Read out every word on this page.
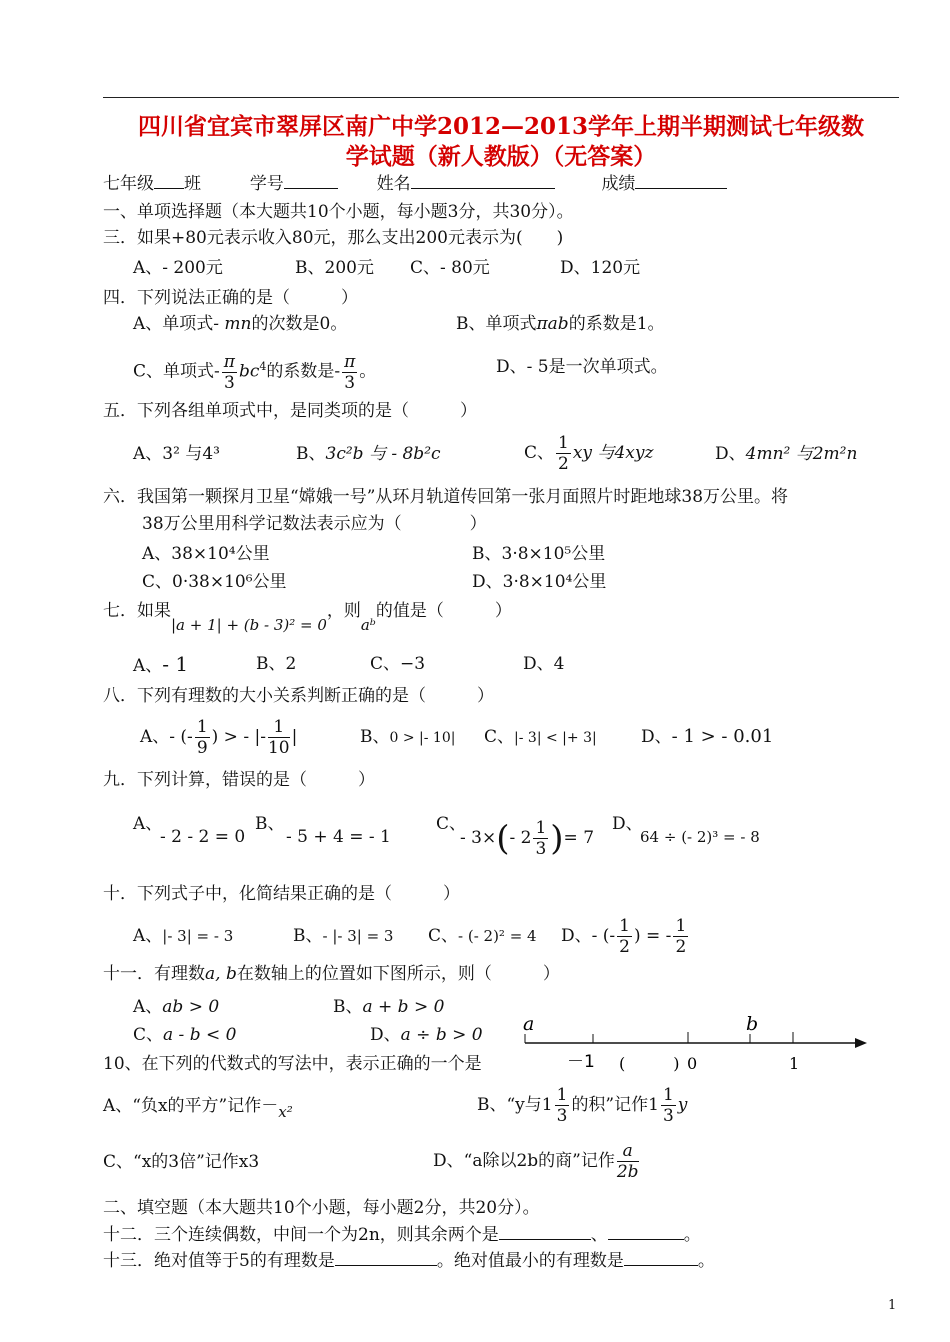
四川省宜宾市翠屏区南广中学2012—2013学年上期半期测试七年级数
学试题（新人教版）（无答案）
七年级 班	学号	姓名	成绩
一、单项选择题（本大题共10个小题，每小题3分，共30分）。
三．如果+80元表示收入80元，那么支出200元表示为(　　)
A、- 200元	B、200元 C、- 80元	D、120元
四．下列说法正确的是（　　　）
A、单项式- mn的次数是0。	B、单项式πab的系数是1。
C、单项式- $\frac{\pi}{3} bc^4$的系数是- $\frac{\pi}{3}$ 。	D、- 5是一次单项式。
五．下列各组单项式中，是同类项的是（　　　）
A、3² 与4³	B、3c²b 与 - 8b²c	C、 $\frac{1}{2}$ xy 与4xyz	D、4mn² 与2m²n
六．我国第一颗探月卫星“嫦娥一号”从环月轨道传回第一张月面照片时距地球38万公里。将
38万公里用科学记数法表示应为（　　　　）
A、38×10⁴公里	B、3·8×10⁵公里
C、0·38×10⁶公里	D、3·8×10⁴公里
七．如果|a + 1| + (b - 3)² = 0，则aᵇ的值是（　　　）
A、- 1	B、2	C、−3	D、4
八．下列有理数的大小关系判断正确的是（　　　）
A、- (- $\frac{1}{9}$ ) > - |- $\frac{1}{10}$ |	B、0 > |- 10| C、|- 3| < |+ 3|	D、- 1 > - 0.01
九．下列计算，错误的是（　　　）
A、
- 2 - 2 = 0
B、
- 5 + 4 = - 1
C、
- 3×(- $2 \frac{1}{3}$ )= 7
D、
64 ÷ (- 2)³ = - 8
十．下列式子中，化简结果正确的是（　　　）
A、|- 3| = - 3	B、- |- 3| = 3 C、- (- 2)² = 4 D、- (- $\frac{1}{2}$ ) = - $\frac{1}{2}$
十一．有理数a, b在数轴上的位置如下图所示，则（　　　）
A、ab > 0	B、a + b > 0
C、a - b < 0	D、a ÷ b > 0 a	b
－1 (　　　) 0	1
10、在下列的代数式的写法中，表示正确的一个是
A、“负x的平方”记作－x²	B、“y与$1 \frac{1}{3}$ 的积”记作$1 \frac{1}{3}$ y
C、“x的3倍”记作x3	D、“a除以2b的商”记作 $\frac{a}{2b}$
二、填空题（本大题共10个小题，每小题2分，共20分）。
十二．三个连续偶数，中间一个为2n，则其余两个是	、	。
十三．绝对值等于5的有理数是	。绝对值最小的有理数是	。
1
